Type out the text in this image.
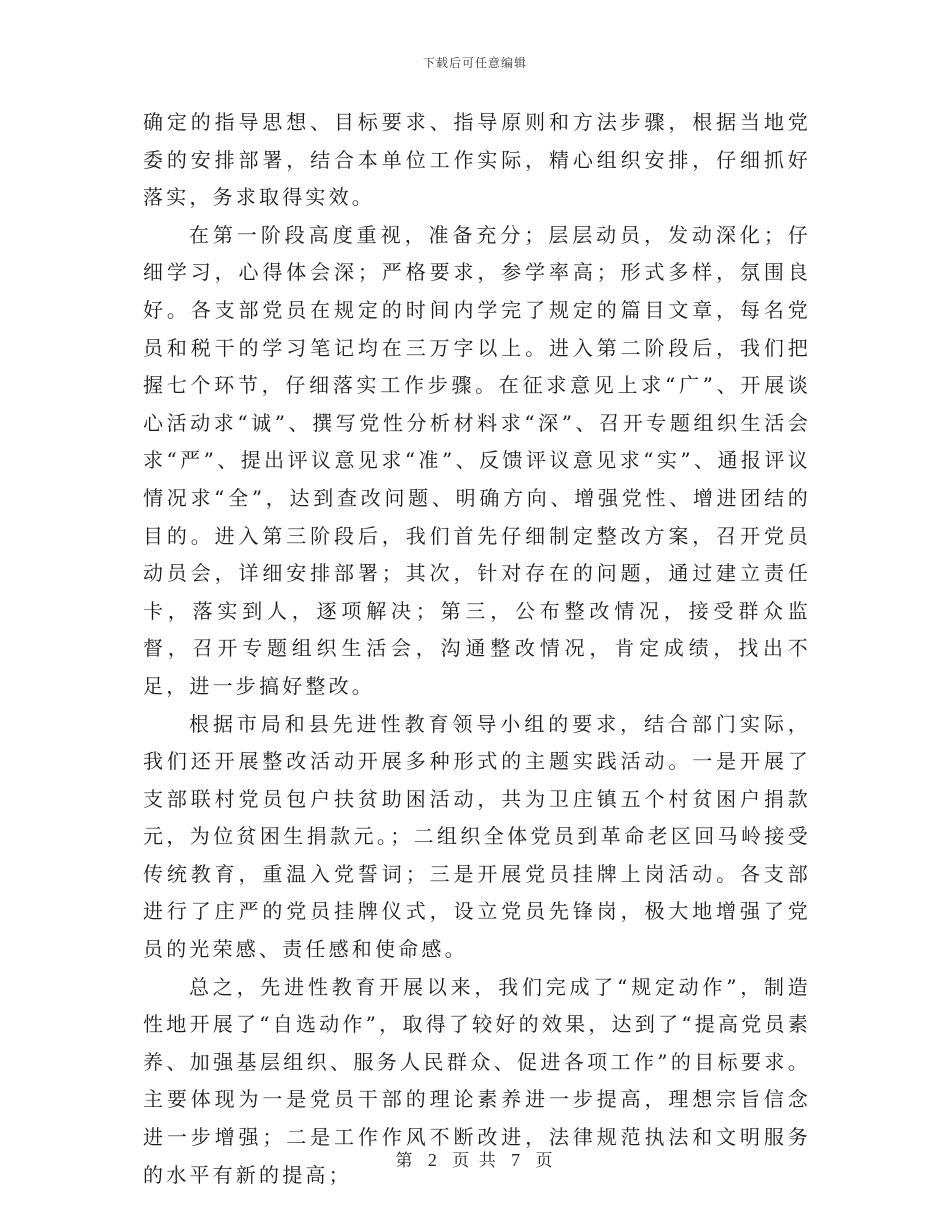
下载后可任意编辑

确定的指导思想、目标要求、指导原则和方法步骤，根据当地党委的安排部署，结合本单位工作实际，精心组织安排，仔细抓好落实，务求取得实效。

在第一阶段高度重视，准备充分；层层动员，发动深化；仔细学习，心得体会深；严格要求，参学率高；形式多样，氛围良好。各支部党员在规定的时间内学完了规定的篇目文章，每名党员和税干的学习笔记均在三万字以上。进入第二阶段后，我们把握七个环节，仔细落实工作步骤。在征求意见上求“广”、开展谈心活动求“诚”、撰写党性分析材料求“深”、召开专题组织生活会求“严”、提出评议意见求“准”、反馈评议意见求“实”、通报评议情况求“全”，达到查改问题、明确方向、增强党性、增进团结的目的。进入第三阶段后，我们首先仔细制定整改方案，召开党员动员会，详细安排部署；其次，针对存在的问题，通过建立责任卡，落实到人，逐项解决；第三，公布整改情况，接受群众监督，召开专题组织生活会，沟通整改情况，肯定成绩，找出不足，进一步搞好整改。

根据市局和县先进性教育领导小组的要求，结合部门实际，我们还开展整改活动开展多种形式的主题实践活动。一是开展了支部联村党员包户扶贫助困活动，共为卫庄镇五个村贫困户捐款元，为位贫困生捐款元。；二组织全体党员到革命老区回马岭接受传统教育，重温入党誓词；三是开展党员挂牌上岗活动。各支部进行了庄严的党员挂牌仪式，设立党员先锋岗，极大地增强了党员的光荣感、责任感和使命感。

总之，先进性教育开展以来，我们完成了“规定动作”，制造性地开展了“自选动作”，取得了较好的效果，达到了“提高党员素养、加强基层组织、服务人民群众、促进各项工作”的目标要求。主要体现为一是党员干部的理论素养进一步提高，理想宗旨信念进一步增强；二是工作作风不断改进，法律规范执法和文明服务的水平有新的提高；

第 2 页 共 7 页
